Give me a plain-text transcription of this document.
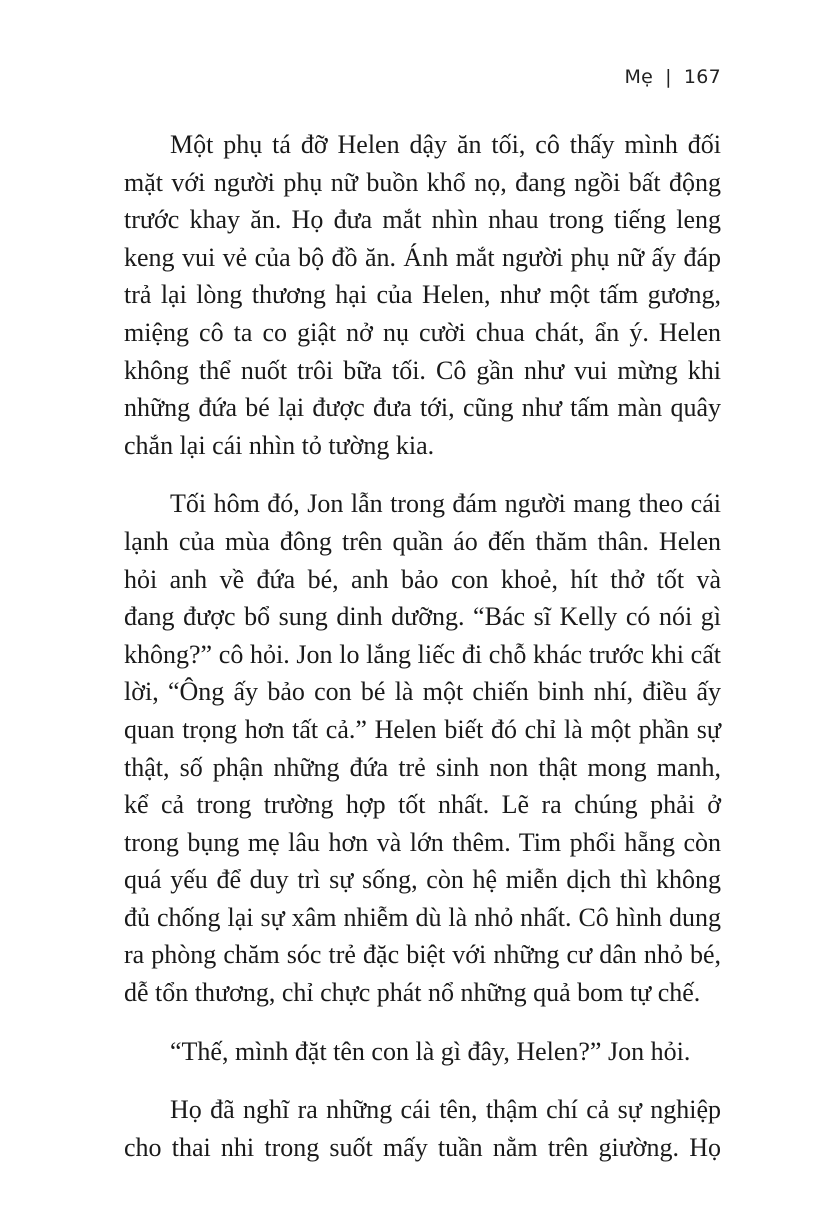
Mẹ | 167
Một phụ tá đỡ Helen dậy ăn tối, cô thấy mình đối
mặt với người phụ nữ buồn khổ nọ, đang ngồi bất động
trước khay ăn. Họ đưa mắt nhìn nhau trong tiếng leng
keng vui vẻ của bộ đồ ăn. Ánh mắt người phụ nữ ấy đáp
trả lại lòng thương hại của Helen, như một tấm gương,
miệng cô ta co giật nở nụ cười chua chát, ẩn ý. Helen
không thể nuốt trôi bữa tối. Cô gần như vui mừng khi
những đứa bé lại được đưa tới, cũng như tấm màn quây
chắn lại cái nhìn tỏ tường kia.
Tối hôm đó, Jon lẫn trong đám người mang theo cái
lạnh của mùa đông trên quần áo đến thăm thân. Helen
hỏi anh về đứa bé, anh bảo con khoẻ, hít thở tốt và
đang được bổ sung dinh dưỡng. “Bác sĩ Kelly có nói gì
không?” cô hỏi. Jon lo lắng liếc đi chỗ khác trước khi cất
lời, “Ông ấy bảo con bé là một chiến binh nhí, điều ấy
quan trọng hơn tất cả.” Helen biết đó chỉ là một phần sự
thật, số phận những đứa trẻ sinh non thật mong manh,
kể cả trong trường hợp tốt nhất. Lẽ ra chúng phải ở
trong bụng mẹ lâu hơn và lớn thêm. Tim phổi hẵng còn
quá yếu để duy trì sự sống, còn hệ miễn dịch thì không
đủ chống lại sự xâm nhiễm dù là nhỏ nhất. Cô hình dung
ra phòng chăm sóc trẻ đặc biệt với những cư dân nhỏ bé,
dễ tổn thương, chỉ chực phát nổ những quả bom tự chế.
“Thế, mình đặt tên con là gì đây, Helen?” Jon hỏi.
Họ đã nghĩ ra những cái tên, thậm chí cả sự nghiệp
cho thai nhi trong suốt mấy tuần nằm trên giường. Họ
